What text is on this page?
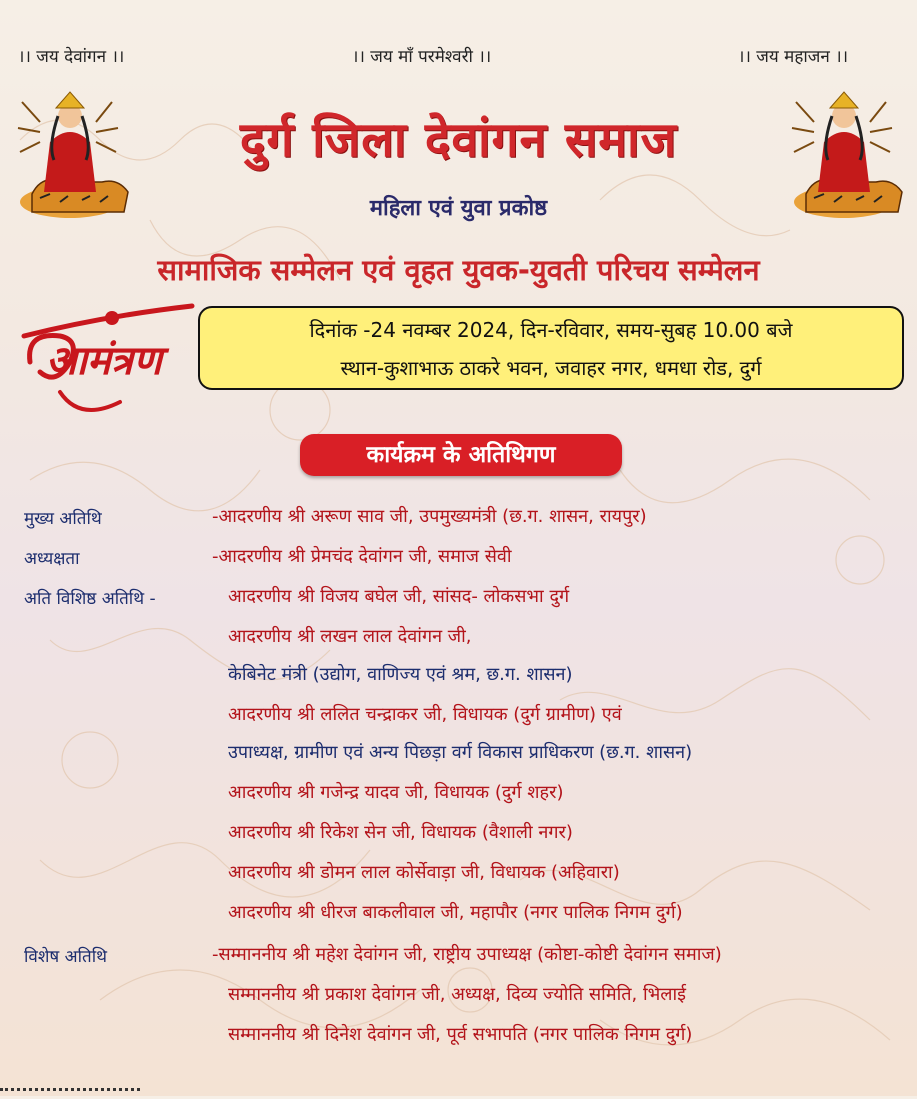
।। जय देवांगन ।।	।। जय माँ परमेश्वरी ।।	।। जय महाजन ।।
दुर्ग जिला देवांगन समाज
महिला एवं युवा प्रकोष्ठ
सामाजिक सम्मेलन एवं वृहत युवक-युवती परिचय सम्मेलन
आमंत्रण
दिनांक -24 नवम्बर 2024, दिन-रविवार, समय-सुबह 10.00 बजे
स्थान-कुशाभाऊ ठाकरे भवन, जवाहर नगर, धमधा रोड, दुर्ग
कार्यक्रम के अतिथिगण
मुख्य अतिथि	-आदरणीय श्री अरूण साव जी, उपमुख्यमंत्री (छ.ग. शासन, रायपुर)
अध्यक्षता	-आदरणीय श्री प्रेमचंद देवांगन जी, समाज सेवी
अति विशिष्ठ अतिथि -	आदरणीय श्री विजय बघेल जी, सांसद- लोकसभा दुर्ग
आदरणीय श्री लखन लाल देवांगन जी,
केबिनेट मंत्री (उद्योग, वाणिज्य एवं श्रम, छ.ग. शासन)
आदरणीय श्री ललित चन्द्राकर जी, विधायक (दुर्ग ग्रामीण) एवं
उपाध्यक्ष, ग्रामीण एवं अन्य पिछड़ा वर्ग विकास प्राधिकरण (छ.ग. शासन)
आदरणीय श्री गजेन्द्र यादव जी, विधायक (दुर्ग शहर)
आदरणीय श्री रिकेश सेन जी, विधायक (वैशाली नगर)
आदरणीय श्री डोमन लाल कोर्सेवाड़ा जी, विधायक (अहिवारा)
आदरणीय श्री धीरज बाकलीवाल जी, महापौर (नगर पालिक निगम दुर्ग)
विशेष अतिथि	-सम्माननीय श्री महेश देवांगन जी, राष्ट्रीय उपाध्यक्ष (कोष्टा-कोष्टी देवांगन समाज)
सम्माननीय श्री प्रकाश देवांगन जी, अध्यक्ष, दिव्य ज्योति समिति, भिलाई
सम्माननीय श्री दिनेश देवांगन जी, पूर्व सभापति (नगर पालिक निगम दुर्ग)
